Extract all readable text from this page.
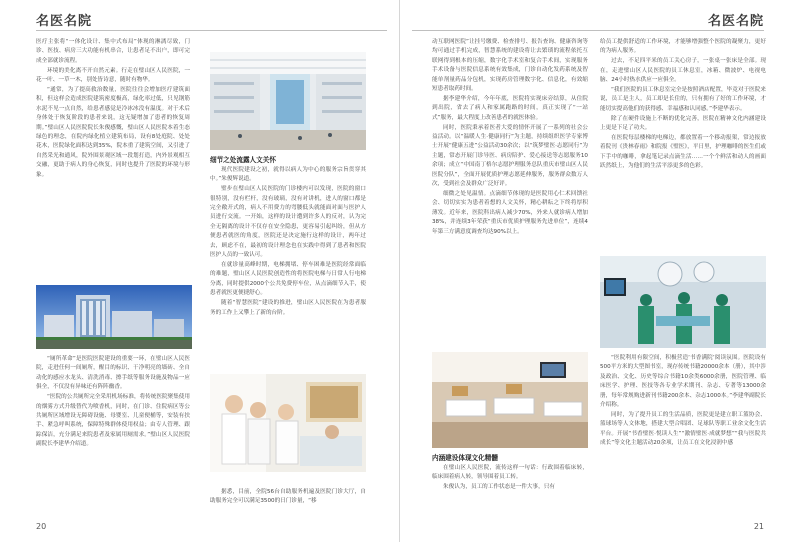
名医名院

医疗主张将“一体化设计、集中式布局”体现的淋漓尽致，门诊、医技、病房三大功能有机串合，让患者足不出户，即可完成全部就诊流程。

环境的美化离不开自然元素。行走在璧山区人民医院，一花一叶、一草一木，别处皆诗意，随时有物华。

“通常，为了提高救治数量，医院往往会增加医疗建筑面积，但这样会造成医院建筑密度极高，绿化率过低，只见钢筋水泥不见一点自然，给患者感觉是冷冰冰没有温度。对于术后身体处于恢复阶段的患者来说，这无疑增加了患者的恢复周期。”璧山区人民医院院长朱俊感慨，璧山区人民医院本着生态绿色的理念，在院内绿化植立建筑布局，设有8处庭院、处处花木，医院绿化面积达到35%，院本重了建筑空间，又引进了自然采光和通风，院外围景观区域一段划打造，内外景观相互交融，更助于病人的身心恢复，同时也提升了医院的环境与形象。

“厕所革命”是医院医院建设的重要一环，在璧山区人民医院，走进任何一间厕所，醒目的标识、干净明亮的墙砖、全自动化的感应水龙头、清洗消毒、擦手纸等服务设施及物品一应俱全，不仅没有异味还有阵阵幽香。

“医院的公共厕所完全采用机场标准，将传统医院聚集使用的烟雾方式升级替代为喷香机，同时，在门诊、住院病区等公共厕所区域增设无障碍设施、母婴室、儿童便桶等，安装有扶手、紧急呼叫系统，保障特殊群体使用权益；由专人管理、跟踪保洁，充分满足来院患者及家属用厕需求。”璧山区人民医院副院长李建华介绍道。

细节之处流露人文关怀

现代医院建设之初，就得以病人为中心的服务宗旨贯穿其中。”朱俊辉说道。

璧步在璧山区人民医院的门诊楼内可以发现，医院的窗口很特别，没有栏杆，没有玻璃，没有对讲机，进人的窗口都是完全敞开式的，病人不用费力的弯腰低头就能面对面与医护人员进行交流。一开始，这样的设计遭到许多人的反对，认为完全无隔离的设计不仅存在安全隐患，更容易引起纠纷，但从方便患者就医的角度，医院还是决定施行这样的设计，两年过去，顾虑不在，最初的设计理念也在实践中得到了患者和医院医护人员的一致认可。

在就诊量高峰时期，电梯拥堵、停车困难是医院经常面临的难题，璧山区人民医院创造性的将医院电梯与日常人行电梯分离，同时提供2000个公共免费停车位，从点滴细节入手，使患者就医更便捷舒心。

随着“智慧医院”建设的推进，璧山区人民医院在为患者服务的工作上又攀上了新的台阶。

据悉，目前，全院56台自助服务机遍及医院门诊大厅，自助服务完全可以满足3500的日门诊量，“移

20
名医名院

动互联网医院”让挂号缴费、检查排号、报告查询、健康咨询等均可通过手机完成，智慧系统的建设将让去繁琐的流程依托互联网得到根本的压缩，数字化手术室和复合手术间，实现服务手术设备与医院信息系统有效集成，门诊自动化发药系统及智能单剂量药品分包机，实现药房管理数字化、信息化，有效缩短患者取药时间。

据李建华介绍，今年年底，医院将实现床旁结算，从住院到出院，省去了病人和家属跑路的时间，真正实现了“一站式”服务，最大程度上改善患者的就医体验。

同时，医院秉承着医者大爱的情怀开展了一系列的社会公益活动。以“温暖人生·健康同行”为主题，持续组织医学专家博士开展“健康五进”公益活动30余次；以“筑梦璧医·志愿同行”为主题，常态开展门诊导医、病房陪护、爱心接送等志愿服务10余项；成立“中国南丁格尔志愿护理服务总队重庆市璧山区人民医院分队”，全面开展优质护理志愿延伸服务，服务群众数万人次，受到社会及群众广泛好评。

细微之处见温情。点滴细节体现的是医院用心仁术回馈社会、切切实实为患者着想的人文关怀，精心耕耘之下终将厚积薄发。近年来，医院科出病人减少70%，外来人就诊病人增加38%，并连续3年荣获“重庆市优质护理服务先进单位”，连续4年第三方满意度调查均达90%以上。

内涵建设体现文化精髓

在璧山区人民医院，流传这样一句话：行政围着临床转，临床围着病人转，领导围着员工转。

朱俊认为，员工的工作状态是一件大事，只有

给员工提供舒适的工作环境，才能够增强整个医院的凝聚力，更好的为病人服务。

过去，不足四平米的员工关心房子，一张桌一张床是全部。现在，走进璧山区人民医院的员工休息室，冰箱、微波炉、电视电脑、24小时热水供应一应俱全。

“我们医院的员工休息室完全是按照酒店配置，毕竟对于医院来说，员工是主人，员工却是长住的，只有拥有了好的工作环境，才能切实提高他们的获得感、幸福感和认同感。”李建华表示。

除了在硬件设施上不断的优化完善，医院在精神文化内涵建设上更是下足了功夫。

在医院每层楼梯的电梯边，都放置着一个移动报架，常边报放着院刊《贵林春雨》和院报《璧医》，平日里，护理咖啡的医生们或下手中的咖啡，拿起笔记录点滴生活……一个个鲜活和动人的画面跃然纸上，为他们的生活平添更多的色彩。

“医院利用有限空间，积极营造‘书香满院’阅读氛围。医院设有500平方米的大型图书室，现存传统书籍20000余本（册），其中涉及政治、文化、历史等综合书籍10余类6000余册，医院管理、临床医学、护理、医技等各专业学术期刊、杂志、专著等13000余册，每年常规购进新刊书籍200余本、杂志1000本。”李建华副院长介绍称。

同时，为了提升员工的生活品质，医院更是建立职工篮协会、篮球场等人文体地，搭建大型合唱团、足球队等职工业余文化生活平台。开展“书香璧医·悦读人生”“激情璧医·成就梦想”“我与医院共成长”等文化主题活动20余项，让员工在文化浸润中感

21
